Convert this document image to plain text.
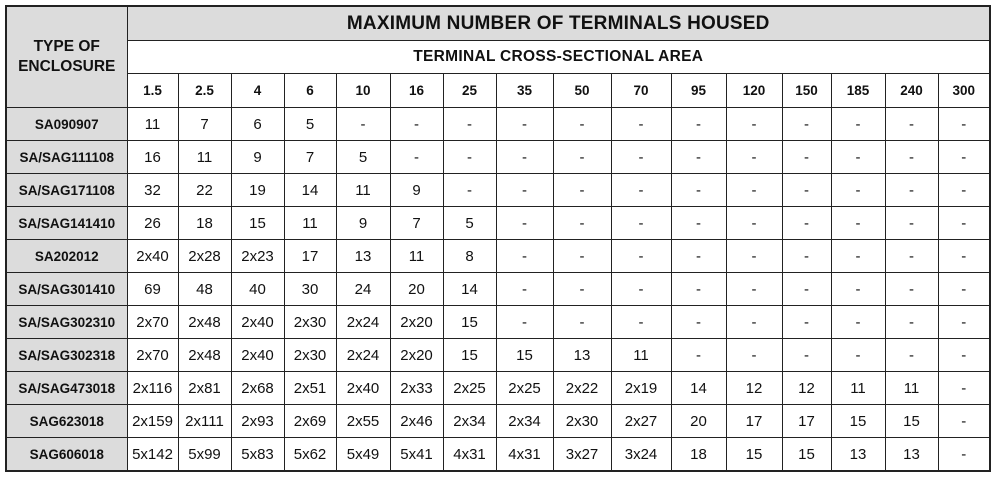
TYPE OF
ENCLOSURE	MAXIMUM NUMBER OF TERMINALS HOUSED															
	TERMINAL CROSS-SECTIONAL AREA															
	1.5	2.5	4	6	10	16	25	35	50	70	95	120	150	185	240	300
SA090907	11	7	6	5	-	-	-	-	-	-	-	-	-	-	-	-
SA/SAG111108	16	11	9	7	5	-	-	-	-	-	-	-	-	-	-	-
SA/SAG171108	32	22	19	14	11	9	-	-	-	-	-	-	-	-	-	-
SA/SAG141410	26	18	15	11	9	7	5	-	-	-	-	-	-	-	-	-
SA202012	2x40	2x28	2x23	17	13	11	8	-	-	-	-	-	-	-	-	-
SA/SAG301410	69	48	40	30	24	20	14	-	-	-	-	-	-	-	-	-
SA/SAG302310	2x70	2x48	2x40	2x30	2x24	2x20	15	-	-	-	-	-	-	-	-	-
SA/SAG302318	2x70	2x48	2x40	2x30	2x24	2x20	15	15	13	11	-	-	-	-	-	-
SA/SAG473018	2x116	2x81	2x68	2x51	2x40	2x33	2x25	2x25	2x22	2x19	14	12	12	11	11	-
SAG623018	2x159	2x111	2x93	2x69	2x55	2x46	2x34	2x34	2x30	2x27	20	17	17	15	15	-
SAG606018	5x142	5x99	5x83	5x62	5x49	5x41	4x31	4x31	3x27	3x24	18	15	15	13	13	-
